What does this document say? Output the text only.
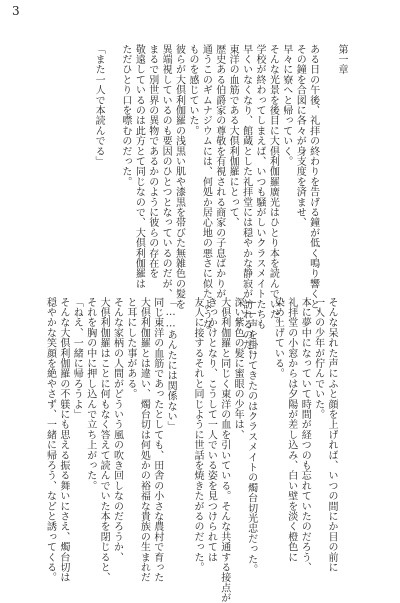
3
第一章
ある日の午後、礼拝の終わりを告げる鐘が低く鳴り響くと、
その鐘を合図に各々が身支度を済ませ、
早々に寮へと帰っていく。
そんな光景を後目に大倶利伽羅廣光はひとり本を読んでいた。
学校が終わってしまえば、いつも騒がしいクラスメイトたちも
早くいなくなり、館蔵とした礼拝堂には穏やかな静寂が訪れるのだ。
東洋の血筋である大倶利伽羅にとって、
歴史ある伯爵家の尊敬を有視される商家の子息ばかりが
通うこのギムナジウムには、何処か居心地の悪さに似たような
ものを感じていた。
彼らが大倶利伽羅の浅黒い肌や漆黒を帯びた無雑色の髪を
異端視しているのも要因のひとつとなっているのだが、
まるで別世界の異物であるかのように彼らの存在を
敬遠しているのは此方とて同じなので、大倶利伽羅は
ただひとり口を噤むのだった。

「また一人で本読んでる」
そんな呆れた声にふと顔を上げれば、いつの間にか目の前に
一人の少年が佇んでいた。
本に夢中になっていて時間が経つのも忘れていたのだろう、
礼拝堂の小窓からは夕陽が差し込み、白い壁を淡く橙色に
染め上げている。

――声を掛けてきたのはクラスメイトの燭台切光忠だった。
深い紫色の髪に蜜眼の少年は、
大倶利伽羅と同じく東洋の血を引いている。そんな共通する接点が
きっかけとなり、こうして一人でいる姿を見つけられては
友人に接するそれと同じように世話を焼きたがるのだった。

「……あんたには関係ない」
同じ東洋の血筋であったとしても、田舎の小さな農村で育った
大倶利伽羅とは違い、燭台切は何処かの裕福な貴族の生まれだ
と耳にした事がある。
そんな家柄の人間がどういう風の吹き回しなのだろうか、
大倶利伽羅はことに何もなく答えて読んでいた本を閉じると、
それを胸の中に押し込んで立ち上がった。
「ねえ、一緒に帰ろうよ」
そんな大倶利伽羅の不躾にも思える振る舞いにさえ、燭台切は
穏やかな笑顔を絶やさず、一緒に帰ろう、などと誘ってくる。
